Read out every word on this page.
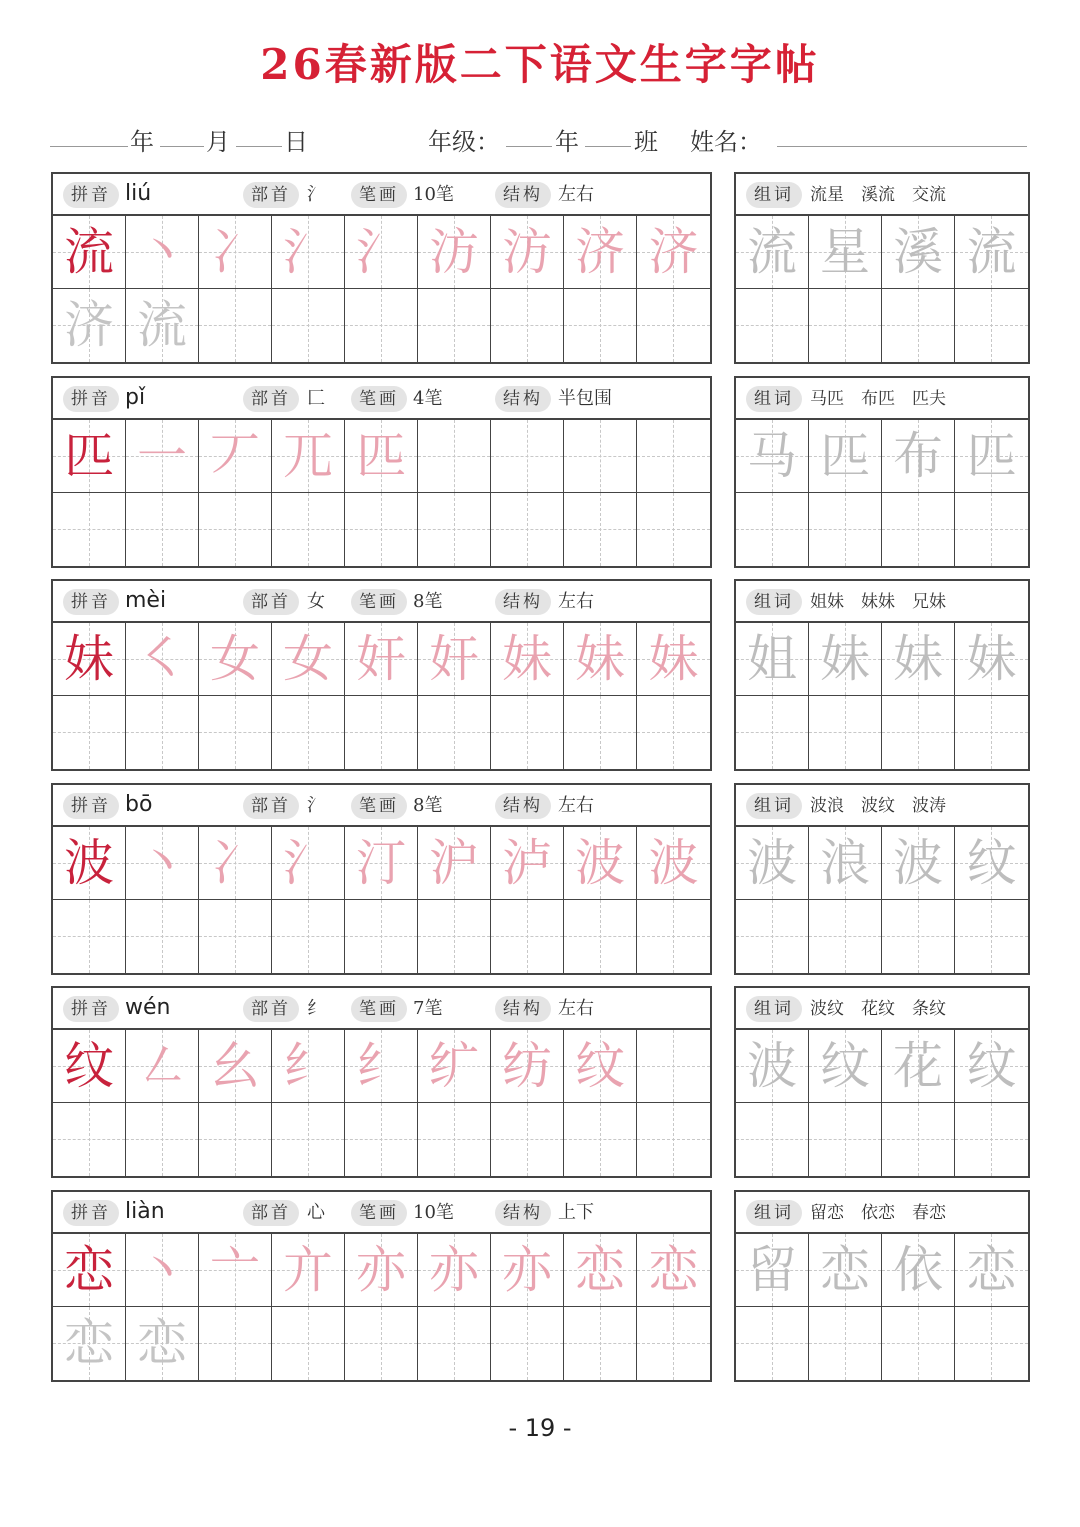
26春新版二下语文生字字帖
年 月 日	年级： 年 班 姓名：
拼音 liú	部首 氵	笔画 10笔	结构 左右
流 丶 冫 氵 氵 汸 汸 济 济
济 流
组词 流星　溪流　交流
流 星 溪 流
拼音 pǐ	部首 匚	笔画 4笔	结构 半包围
匹 一 丆 兀 匹
组词 马匹　布匹　匹夫
马 匹 布 匹
拼音 mèi	部首 女	笔画 8笔	结构 左右
妹 ㇛ 女 女 奸 奸 妹 妹 妹
组词 姐妹　妹妹　兄妹
姐 妹 妹 妹
拼音 bō	部首 氵	笔画 8笔	结构 左右
波 丶 冫 氵 汀 沪 泸 波 波
组词 波浪　波纹　波涛
波 浪 波 纹
拼音 wén	部首 纟	笔画 7笔	结构 左右
纹 ㇜ 幺 纟 纟 纩 纺 纹
组词 波纹　花纹　条纹
波 纹 花 纹
拼音 liàn	部首 心	笔画 10笔	结构 上下
恋 丶 亠 亣 亦 亦 亦 恋 恋
恋 恋
组词 留恋　依恋　春恋
留 恋 依 恋
- 19 -
